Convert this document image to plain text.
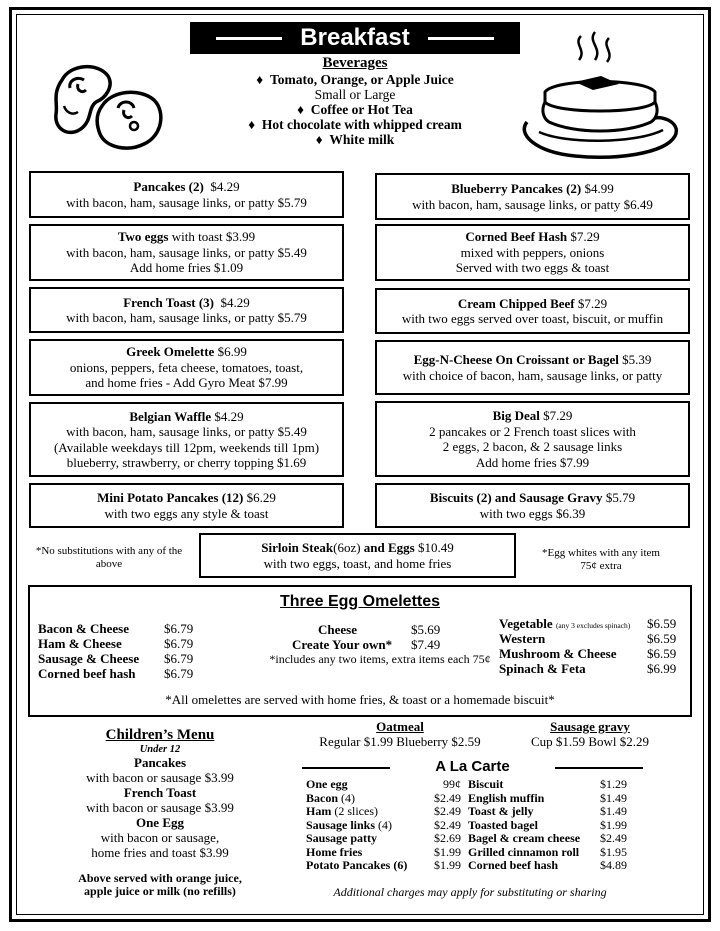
Breakfast
Beverages
♦ Tomato, Orange, or Apple Juice
Small or Large
♦ Coffee or Hot Tea
♦ Hot chocolate with whipped cream
♦ White milk
Pancakes (2) $4.29
with bacon, ham, sausage links, or patty $5.79
Two eggs with toast $3.99
with bacon, ham, sausage links, or patty $5.49
Add home fries $1.09
French Toast (3) $4.29
with bacon, ham, sausage links, or patty $5.79
Greek Omelette $6.99
onions, peppers, feta cheese, tomatoes, toast,
and home fries - Add Gyro Meat $7.99
Belgian Waffle $4.29
with bacon, ham, sausage links, or patty $5.49
(Available weekdays till 12pm, weekends till 1pm)
blueberry, strawberry, or cherry topping $1.69
Mini Potato Pancakes (12) $6.29
with two eggs any style & toast
Blueberry Pancakes (2) $4.99
with bacon, ham, sausage links, or patty $6.49
Corned Beef Hash $7.29
mixed with peppers, onions
Served with two eggs & toast
Cream Chipped Beef $7.29
with two eggs served over toast, biscuit, or muffin
Egg-N-Cheese On Croissant or Bagel $5.39
with choice of bacon, ham, sausage links, or patty
Big Deal $7.29
2 pancakes or 2 French toast slices with
2 eggs, 2 bacon, & 2 sausage links
Add home fries $7.99
Biscuits (2) and Sausage Gravy $5.79
with two eggs $6.39
*No substitutions with any of the above
Sirloin Steak(6oz) and Eggs $10.49
with two eggs, toast, and home fries
*Egg whites with any item 75¢ extra
Three Egg Omelettes
Bacon & Cheese	$6.79
Ham & Cheese	$6.79
Sausage & Cheese $6.79
Corned beef hash $6.79
Cheese	$5.69
Create Your own* $7.49
*includes any two items, extra items each 75¢
Vegetable (any 3 excludes spinach) $6.59
Western	$6.59
Mushroom & Cheese $6.59
Spinach & Feta	$6.99
*All omelettes are served with home fries, & toast or a homemade biscuit*
Children’s Menu
Under 12
Pancakes
with bacon or sausage $3.99
French Toast
with bacon or sausage $3.99
One Egg
with bacon or sausage,
home fries and toast $3.99
Above served with orange juice,
apple juice or milk (no refills)
Oatmeal
Regular $1.99 Blueberry $2.59
Sausage gravy
Cup $1.59 Bowl $2.29
A La Carte
One egg	99¢
Bacon (4)	$2.49
Ham (2 slices)	$2.49
Sausage links (4)	$2.49
Sausage patty	$2.69
Home fries	$1.99
Potato Pancakes (6) $1.99
Biscuit	$1.29
English muffin	$1.49
Toast & jelly	$1.49
Toasted bagel	$1.99
Bagel & cream cheese $2.49
Grilled cinnamon roll $1.95
Corned beef hash	$4.89
Additional charges may apply for substituting or sharing
